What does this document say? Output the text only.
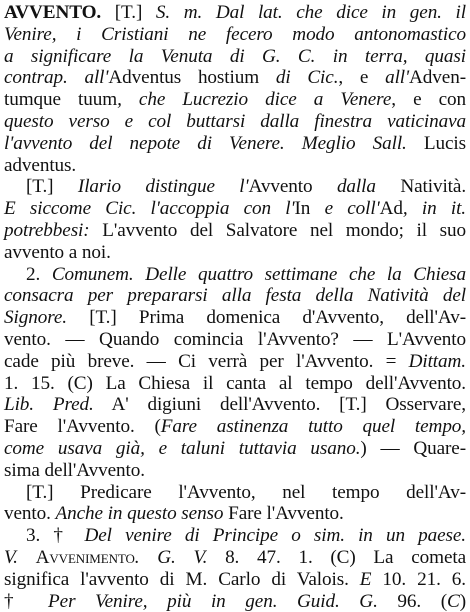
AVVENTO. [T.] S. m. Dal lat. che dice in gen. il
Venire, i Cristiani ne fecero modo antonomastico
a significare la Venuta di G. C. in terra, quasi
contrap. all'Adventus hostium di Cic., e all'Adven-
tumque tuum, che Lucrezio dice a Venere, e con
questo verso e col buttarsi dalla finestra vaticinava
l'avvento del nepote di Venere. Meglio Sall. Lucis
adventus.
[T.] Ilario distingue l'Avvento dalla Natività.
E siccome Cic. l'accoppia con l'In e coll'Ad, in it.
potrebbesi: L'avvento del Salvatore nel mondo; il suo
avvento a noi.
2. Comunem. Delle quattro settimane che la Chiesa
consacra per prepararsi alla festa della Natività del
Signore. [T.] Prima domenica d'Avvento, dell'Av-
vento. — Quando comincia l'Avvento? — L'Avvento
cade più breve. — Ci verrà per l'Avvento. = Dittam.
1. 15. (C) La Chiesa il canta al tempo dell'Avvento.
Lib. Pred. A' digiuni dell'Avvento. [T.] Osservare,
Fare l'Avvento. (Fare astinenza tutto quel tempo,
come usava già, e taluni tuttavia usano.) — Quare-
sima dell'Avvento.
[T.] Predicare l'Avvento, nel tempo dell'Av-
vento. Anche in questo senso Fare l'Avvento.
3. † Del venire di Principe o sim. in un paese.
V. Avvenimento. G. V. 8. 47. 1. (C) La cometa
significa l'avvento di M. Carlo di Valois. E 10. 21. 6.
† Per Venire, più in gen. Guid. G. 96. (C)
